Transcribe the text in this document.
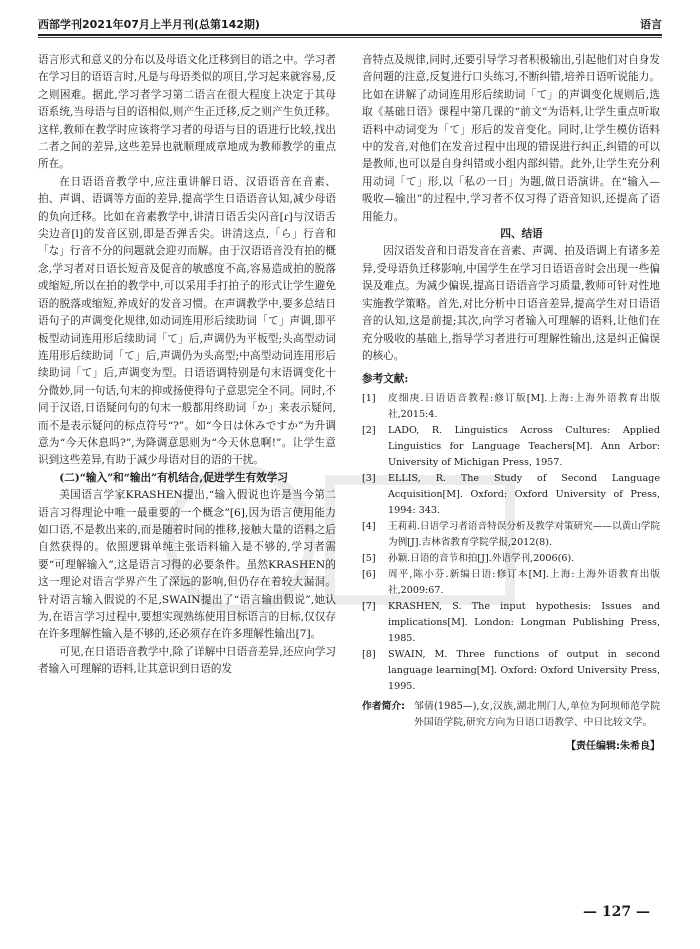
西部学刊2021年07月上半月刊(总第142期)	语言

语言形式和意义的分布以及母语文化迁移到目的语之中。学习者在学习目的语语言时,凡是与母语类似的项目,学习起来就容易,反之则困难。据此,学习者学习第二语言在很大程度上决定于其母语系统,当母语与目的语相似,则产生正迁移,反之则产生负迁移。这样,教师在教学时应该将学习者的母语与目的语进行比较,找出二者之间的差异,这些差异也就顺理成章地成为教师教学的重点所在。

在日语语音教学中,应注重讲解日语、汉语语音在音素、拍、声调、语调等方面的差异,提高学生日语语音认知,减少母语的负向迁移。比如在音素教学中,讲清日语舌尖闪音[ɾ]与汉语舌尖边音[l]的发音区别,即是否弹舌尖。讲清这点,「ら」行音和「な」行音不分的问题就会迎刃而解。由于汉语语音没有拍的概念,学习者对日语长短音及促音的敏感度不高,容易造成拍的脱落或缩短,所以在拍的教学中,可以采用手打拍子的形式让学生避免语的脱落或缩短,养成好的发音习惯。在声调教学中,要多总结日语句子的声调变化规律,如动词连用形后续助词「て」声调,即平板型动词连用形后续助词「て」后,声调仍为平板型;头高型动词连用形后续助词「て」后,声调仍为头高型;中高型动词连用形后续助词「て」后,声调变为型。日语语调特别是句末语调变化十分微妙,同一句话,句末的抑或扬使得句子意思完全不同。同时,不同于汉语,日语疑问句的句末一般都用终助词「か」来表示疑问,而不是表示疑问的标点符号“?”。如“今日は休みですか”为升调意为“今天休息吗?”,为降调意思则为“今天休息啊!”。让学生意识到这些差异,有助于减少母语对目的语的干扰。

(二)“输入”和“输出”有机结合,促进学生有效学习

美国语言学家KRASHEN提出,“输入假说也许是当今第二语言习得理论中唯一最重要的一个概念”[6],因为语言使用能力如口语,不是教出来的,而是随着时间的推移,接触大量的语料之后自然获得的。依照逻辑单纯主张语料输入是不够的,学习者需要“可理解输入”,这是语言习得的必要条件。虽然KRASHEN的这一理论对语言学界产生了深远的影响,但仍存在着较大漏洞。针对语言输入假说的不足,SWAIN提出了“语言输出假说”,她认为,在语言学习过程中,要想实现熟练使用目标语言的目标,仅仅存在许多理解性输入是不够的,还必须存在许多理解性输出[7]。

可见,在日语语音教学中,除了详解中日语音差异,还应向学习者输入可理解的语料,让其意识到日语的发

音特点及规律,同时,还要引导学习者积极输出,引起他们对自身发音问题的注意,反复进行口头练习,不断纠错,培养日语听说能力。比如在讲解了动词连用形后续助词「て」的声调变化规则后,选取《基础日语》课程中第几课的“前文”为语料,让学生重点听取语料中动词变为「て」形后的发音变化。同时,让学生模仿语料中的发音,对他们在发音过程中出现的错误进行纠正,纠错的可以是教师,也可以是自身纠错或小组内部纠错。此外,让学生充分利用动词「て」形,以「私の一日」为题,做日语演讲。在“输入—吸收—输出”的过程中,学习者不仅习得了语音知识,还提高了语用能力。

四、结语

因汉语发音和日语发音在音素、声调、拍及语调上有诸多差异,受母语负迁移影响,中国学生在学习日语语音时会出现一些偏误及难点。为减少偏误,提高日语语音学习质量,教师可针对性地实施教学策略。首先,对比分析中日语音差异,提高学生对日语语音的认知,这是前提;其次,向学习者输入可理解的语料,让他们在充分吸收的基础上,指导学习者进行可理解性输出,这是纠正偏误的核心。

参考文献:
[1]	皮细庚.日语语音教程:修订版[M].上海:上海外语教育出版社,2015:4.
[2]	LADO, R. Linguistics Across Cultures: Applied Linguistics for Language Teachers[M]. Ann Arbor: University of Michigan Press, 1957.
[3]	ELLIS, R. The Study of Second Language Acquisition[M]. Oxford: Oxford University of Press, 1994: 343.
[4]	王莉莉.日语学习者语音特误分析及教学对策研究——以黄山学院为例[J].吉林省教育学院学报,2012(8).
[5]	孙颖.日语的音节和拍[J].外语学刊,2006(6).
[6]	周平,陈小芬.新编日语:修订本[M].上海:上海外语教育出版社,2009:67.
[7]	KRASHEN, S. The input hypothesis: Issues and implications[M]. London: Longman Publishing Press, 1985.
[8]	SWAIN, M. Three functions of output in second language learning[M]. Oxford: Oxford University Press, 1995.
作者简介: 邹倩(1985—),女,汉族,湖北荆门人,单位为阿坝师范学院外国语学院,研究方向为日语口语教学、中日比较文学。
【责任编辑:朱希良】
— 127 —
